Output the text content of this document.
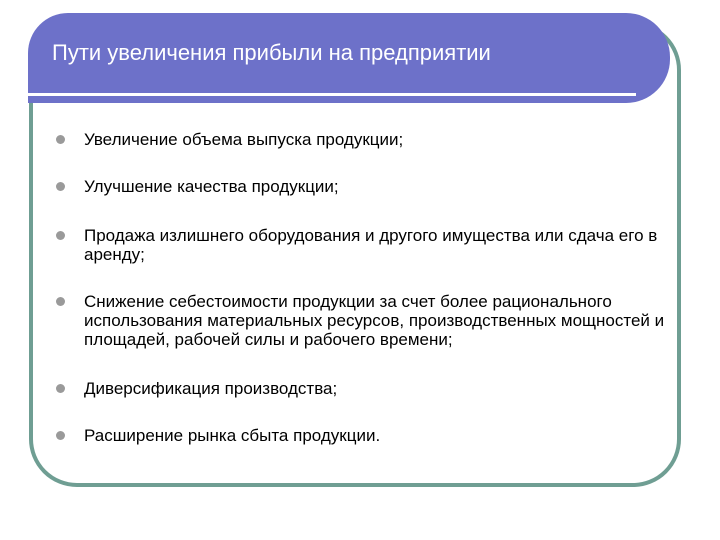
Пути увеличения прибыли на предприятии
Увеличение объема выпуска продукции;
Улучшение качества продукции;
Продажа излишнего оборудования и другого имущества или сдача его в аренду;
Снижение себестоимости продукции за счет более рационального использования материальных ресурсов, производственных мощностей и площадей, рабочей силы и рабочего времени;
Диверсификация производства;
Расширение рынка сбыта продукции.
